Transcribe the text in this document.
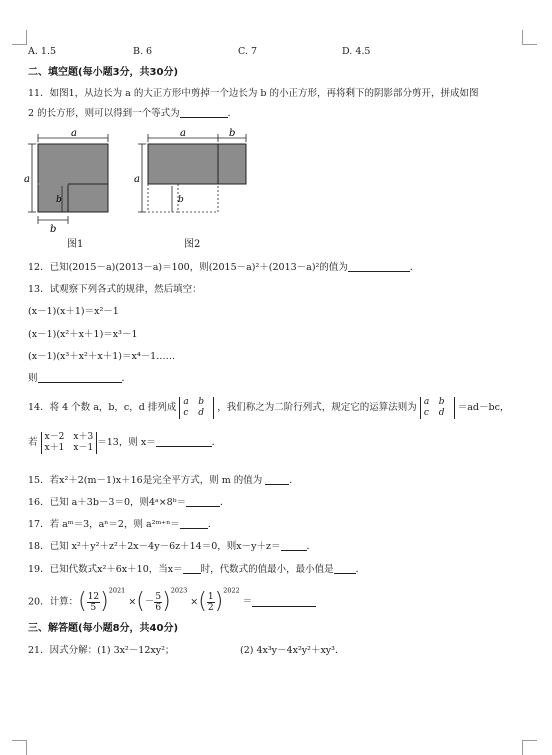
A. 1.5	B. 6	C. 7	D. 4.5
二、填空题(每小题3分，共30分)
11．如图1，从边长为 a 的大正方形中剪掉一个边长为 b 的小正方形，再将剩下的阴影部分剪开，拼成如图
2 的长方形，则可以得到一个等式为	．
a
a
b
b
a	b
a
b
图1	图2
12．已知(2015－a)(2013－a)＝100，则(2015－a)²＋(2013－a)²的值为	．
13．试观察下列各式的规律，然后填空：
(x－1)(x＋1)＝x²－1
(x－1)(x²＋x＋1)＝x³－1
(x－1)(x³＋x²＋x＋1)＝x⁴－1……
则	．
14．将 4 个数 a，b，c，d 排列成 a b
c d ，我们称之为二阶行列式，规定它的运算法则为 a b
c d ＝ad－bc，
若 x－2 x＋3
x＋1 x－1 ＝13，则 x＝	．
15．若x²＋2(m－1)x＋16是完全平方式，则 m 的值为	．
16．已知 a＋3b－3＝0，则4ᵃ×8ᵇ＝	．
17．若 aᵐ＝3，aⁿ＝2，则 a²ᵐ⁺ⁿ＝	．
18．已知 x²＋y²＋z²＋2x－4y－6z＋14＝0，则x－y＋z＝	．
19．已知代数式x²＋6x＋10，当x＝ 时，代数式的值最小，最小值是 ．
20．计算：( $\frac{12}{5} )^{2021}$ ×(－ $\frac{5}{6} )^{2023}$ ×( $\frac{1}{2} )^{2022}$ ＝
三、解答题(每小题8分，共40分)
21．因式分解：(1) 3x²－12xy²；	(2) 4x³y－4x²y²＋xy³．
